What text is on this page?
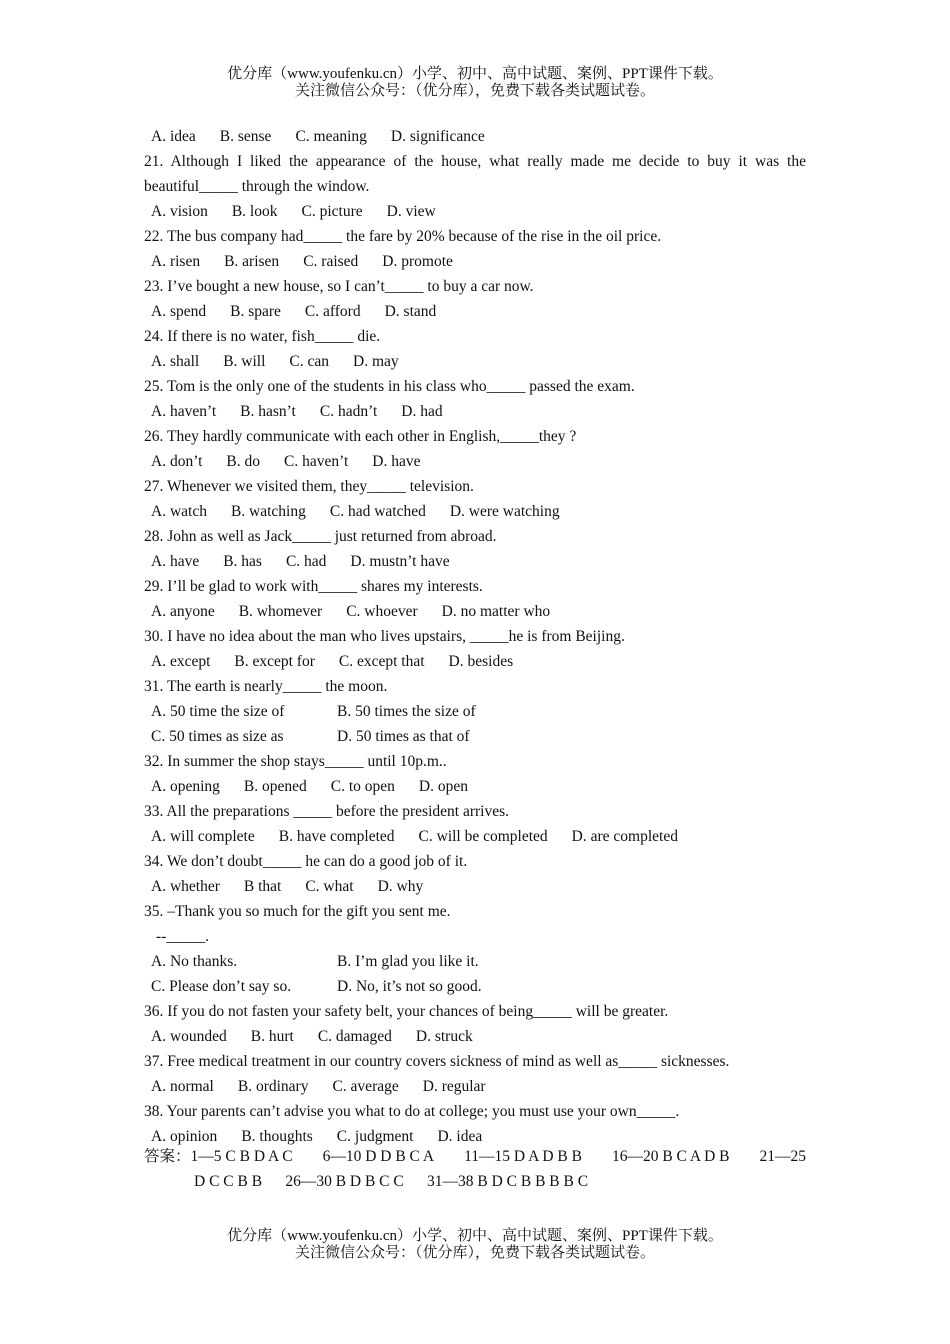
优分库（www.youfenku.cn）小学、初中、高中试题、案例、PPT课件下载。
关注微信公众号：（优分库），免费下载各类试题试卷。
A. idea B. sense C. meaning D. significance
21. Although I liked the appearance of the house, what really made me decide to buy it was the beautiful_____ through the window.
A. vision B. look C. picture D. view
22. The bus company had_____ the fare by 20% because of the rise in the oil price.
A. risen B. arisen C. raised D. promote
23. I’ve bought a new house, so I can’t_____ to buy a car now.
A. spend B. spare C. afford D. stand
24. If there is no water, fish_____ die.
A. shall B. will C. can D. may
25. Tom is the only one of the students in his class who_____ passed the exam.
A. haven’t B. hasn’t C. hadn’t D. had
26. They hardly communicate with each other in English,_____they ?
A. don’t B. do C. haven’t D. have
27. Whenever we visited them, they_____ television.
A. watch B. watching C. had watched D. were watching
28. John as well as Jack_____ just returned from abroad.
A. have B. has C. had D. mustn’t have
29. I’ll be glad to work with_____ shares my interests.
A. anyone B. whomever C. whoever D. no matter who
30. I have no idea about the man who lives upstairs, _____he is from Beijing.
A. except B. except for C. except that D. besides
31. The earth is nearly_____ the moon.
A. 50 time the size of	B. 50 times the size of
C. 50 times as size as	D. 50 times as that of
32. In summer the shop stays_____ until 10p.m..
A. opening B. opened C. to open D. open
33. All the preparations _____ before the president arrives.
A. will complete B. have completed C. will be completed D. are completed
34. We don’t doubt_____ he can do a good job of it.
A. whether B that C. what D. why
35. –Thank you so much for the gift you sent me.
--_____.
A. No thanks.	B. I’m glad you like it.
C. Please don’t say so.	D. No, it’s not so good.
36. If you do not fasten your safety belt, your chances of being_____ will be greater.
A. wounded B. hurt C. damaged D. struck
37. Free medical treatment in our country covers sickness of mind as well as_____ sicknesses.
A. normal B. ordinary C. average D. regular
38. Your parents can’t advise you what to do at college; you must use your own_____.
A. opinion B. thoughts C. judgment D. idea
答案：1—5 C B D A C 6—10 D D B C A 11—15 D A D B B 16—20 B C A D B 21—25
D C C B B 26—30 B D B C C 31—38 B D C B B B B C
优分库（www.youfenku.cn）小学、初中、高中试题、案例、PPT课件下载。
关注微信公众号：（优分库），免费下载各类试题试卷。
